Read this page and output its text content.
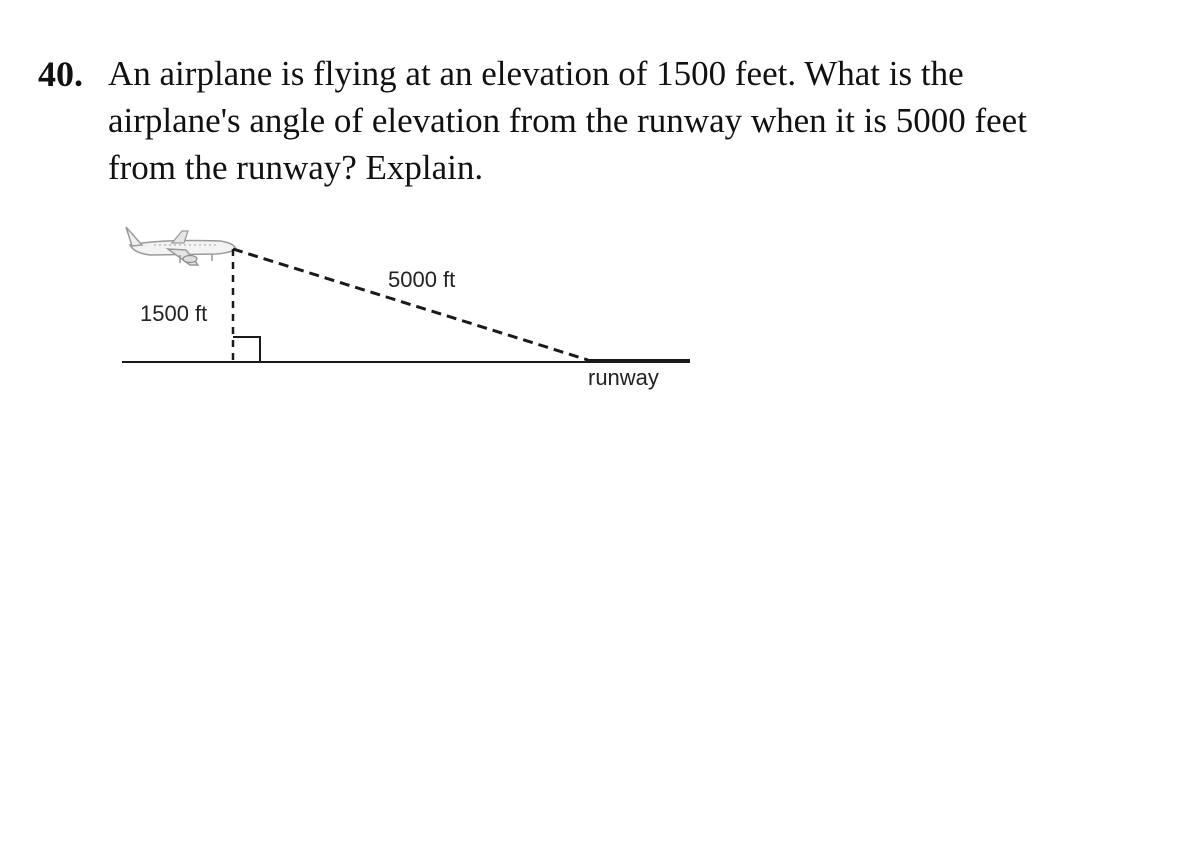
40. An airplane is flying at an elevation of 1500 feet. What is the
airplane's angle of elevation from the runway when it is 5000 feet
from the runway? Explain.
1500 ft
5000 ft
runway
